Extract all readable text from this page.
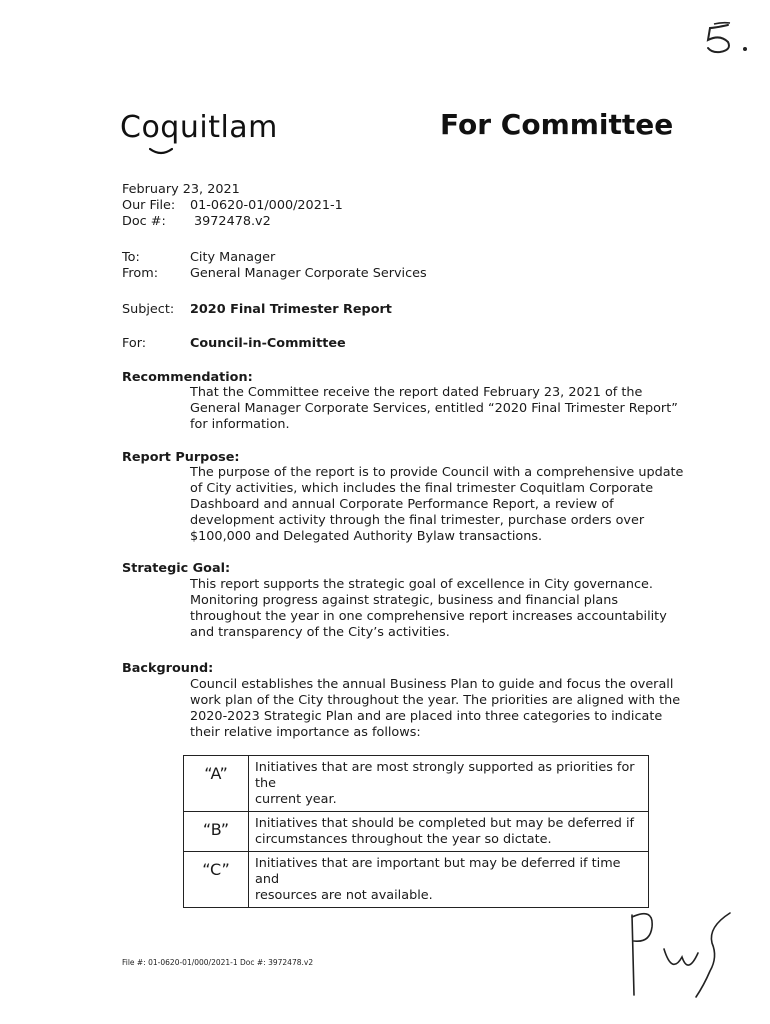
Coquitlam	For Committee
February 23, 2021
Our File: 01-0620-01/000/2021-1
Doc #: 3972478.v2
To:	City Manager
From: General Manager Corporate Services
Subject: 2020 Final Trimester Report
For:	Council-in-Committee
Recommendation:
That the Committee receive the report dated February 23, 2021 of the
General Manager Corporate Services, entitled “2020 Final Trimester Report”
for information.
Report Purpose:
The purpose of the report is to provide Council with a comprehensive update
of City activities, which includes the final trimester Coquitlam Corporate
Dashboard and annual Corporate Performance Report, a review of
development activity through the final trimester, purchase orders over
$100,000 and Delegated Authority Bylaw transactions.
Strategic Goal:
This report supports the strategic goal of excellence in City governance.
Monitoring progress against strategic, business and financial plans
throughout the year in one comprehensive report increases accountability
and transparency of the City’s activities.
Background:
Council establishes the annual Business Plan to guide and focus the overall
work plan of the City throughout the year. The priorities are aligned with the
2020-2023 Strategic Plan and are placed into three categories to indicate
their relative importance as follows:
“A”	Initiatives that are most strongly supported as priorities for the
current year.

“B”	Initiatives that should be completed but may be deferred if
circumstances throughout the year so dictate.

“C”	Initiatives that are important but may be deferred if time and
resources are not available.
File #: 01-0620-01/000/2021-1 Doc #: 3972478.v2
